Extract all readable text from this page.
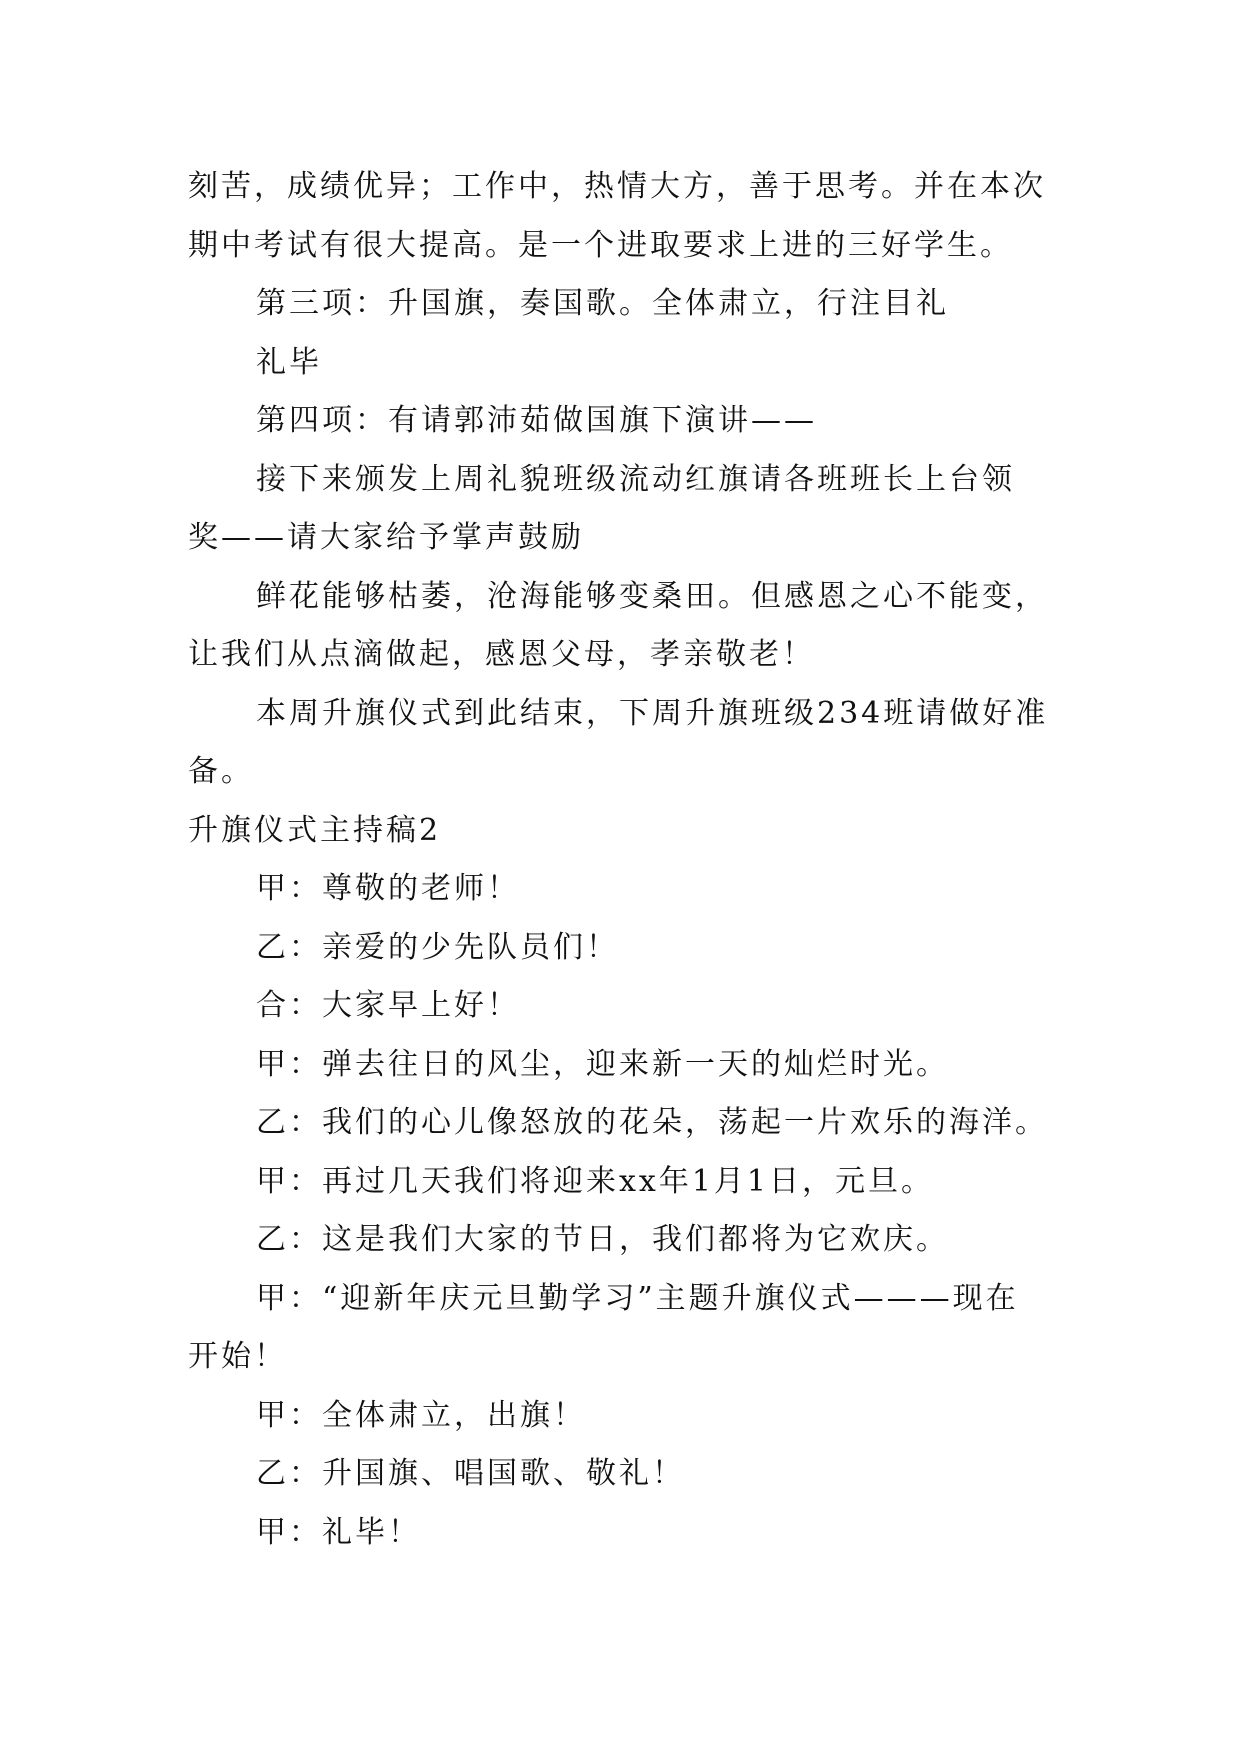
刻苦，成绩优异；工作中，热情大方，善于思考。并在本次

期中考试有很大提高。是一个进取要求上进的三好学生。

第三项：升国旗，奏国歌。全体肃立，行注目礼

礼毕

第四项：有请郭沛茹做国旗下演讲——

接下来颁发上周礼貌班级流动红旗请各班班长上台领

奖——请大家给予掌声鼓励

鲜花能够枯萎，沧海能够变桑田。但感恩之心不能变，

让我们从点滴做起，感恩父母，孝亲敬老！

本周升旗仪式到此结束，下周升旗班级234班请做好准

备。

升旗仪式主持稿2

甲：尊敬的老师！

乙：亲爱的少先队员们！

合：大家早上好！

甲：弹去往日的风尘，迎来新一天的灿烂时光。

乙：我们的心儿像怒放的花朵，荡起一片欢乐的海洋。

甲：再过几天我们将迎来xx年1月1日，元旦。

乙：这是我们大家的节日，我们都将为它欢庆。

甲：“迎新年庆元旦勤学习”主题升旗仪式———现在

开始！

甲：全体肃立，出旗！

乙：升国旗、唱国歌、敬礼！

甲：礼毕！
